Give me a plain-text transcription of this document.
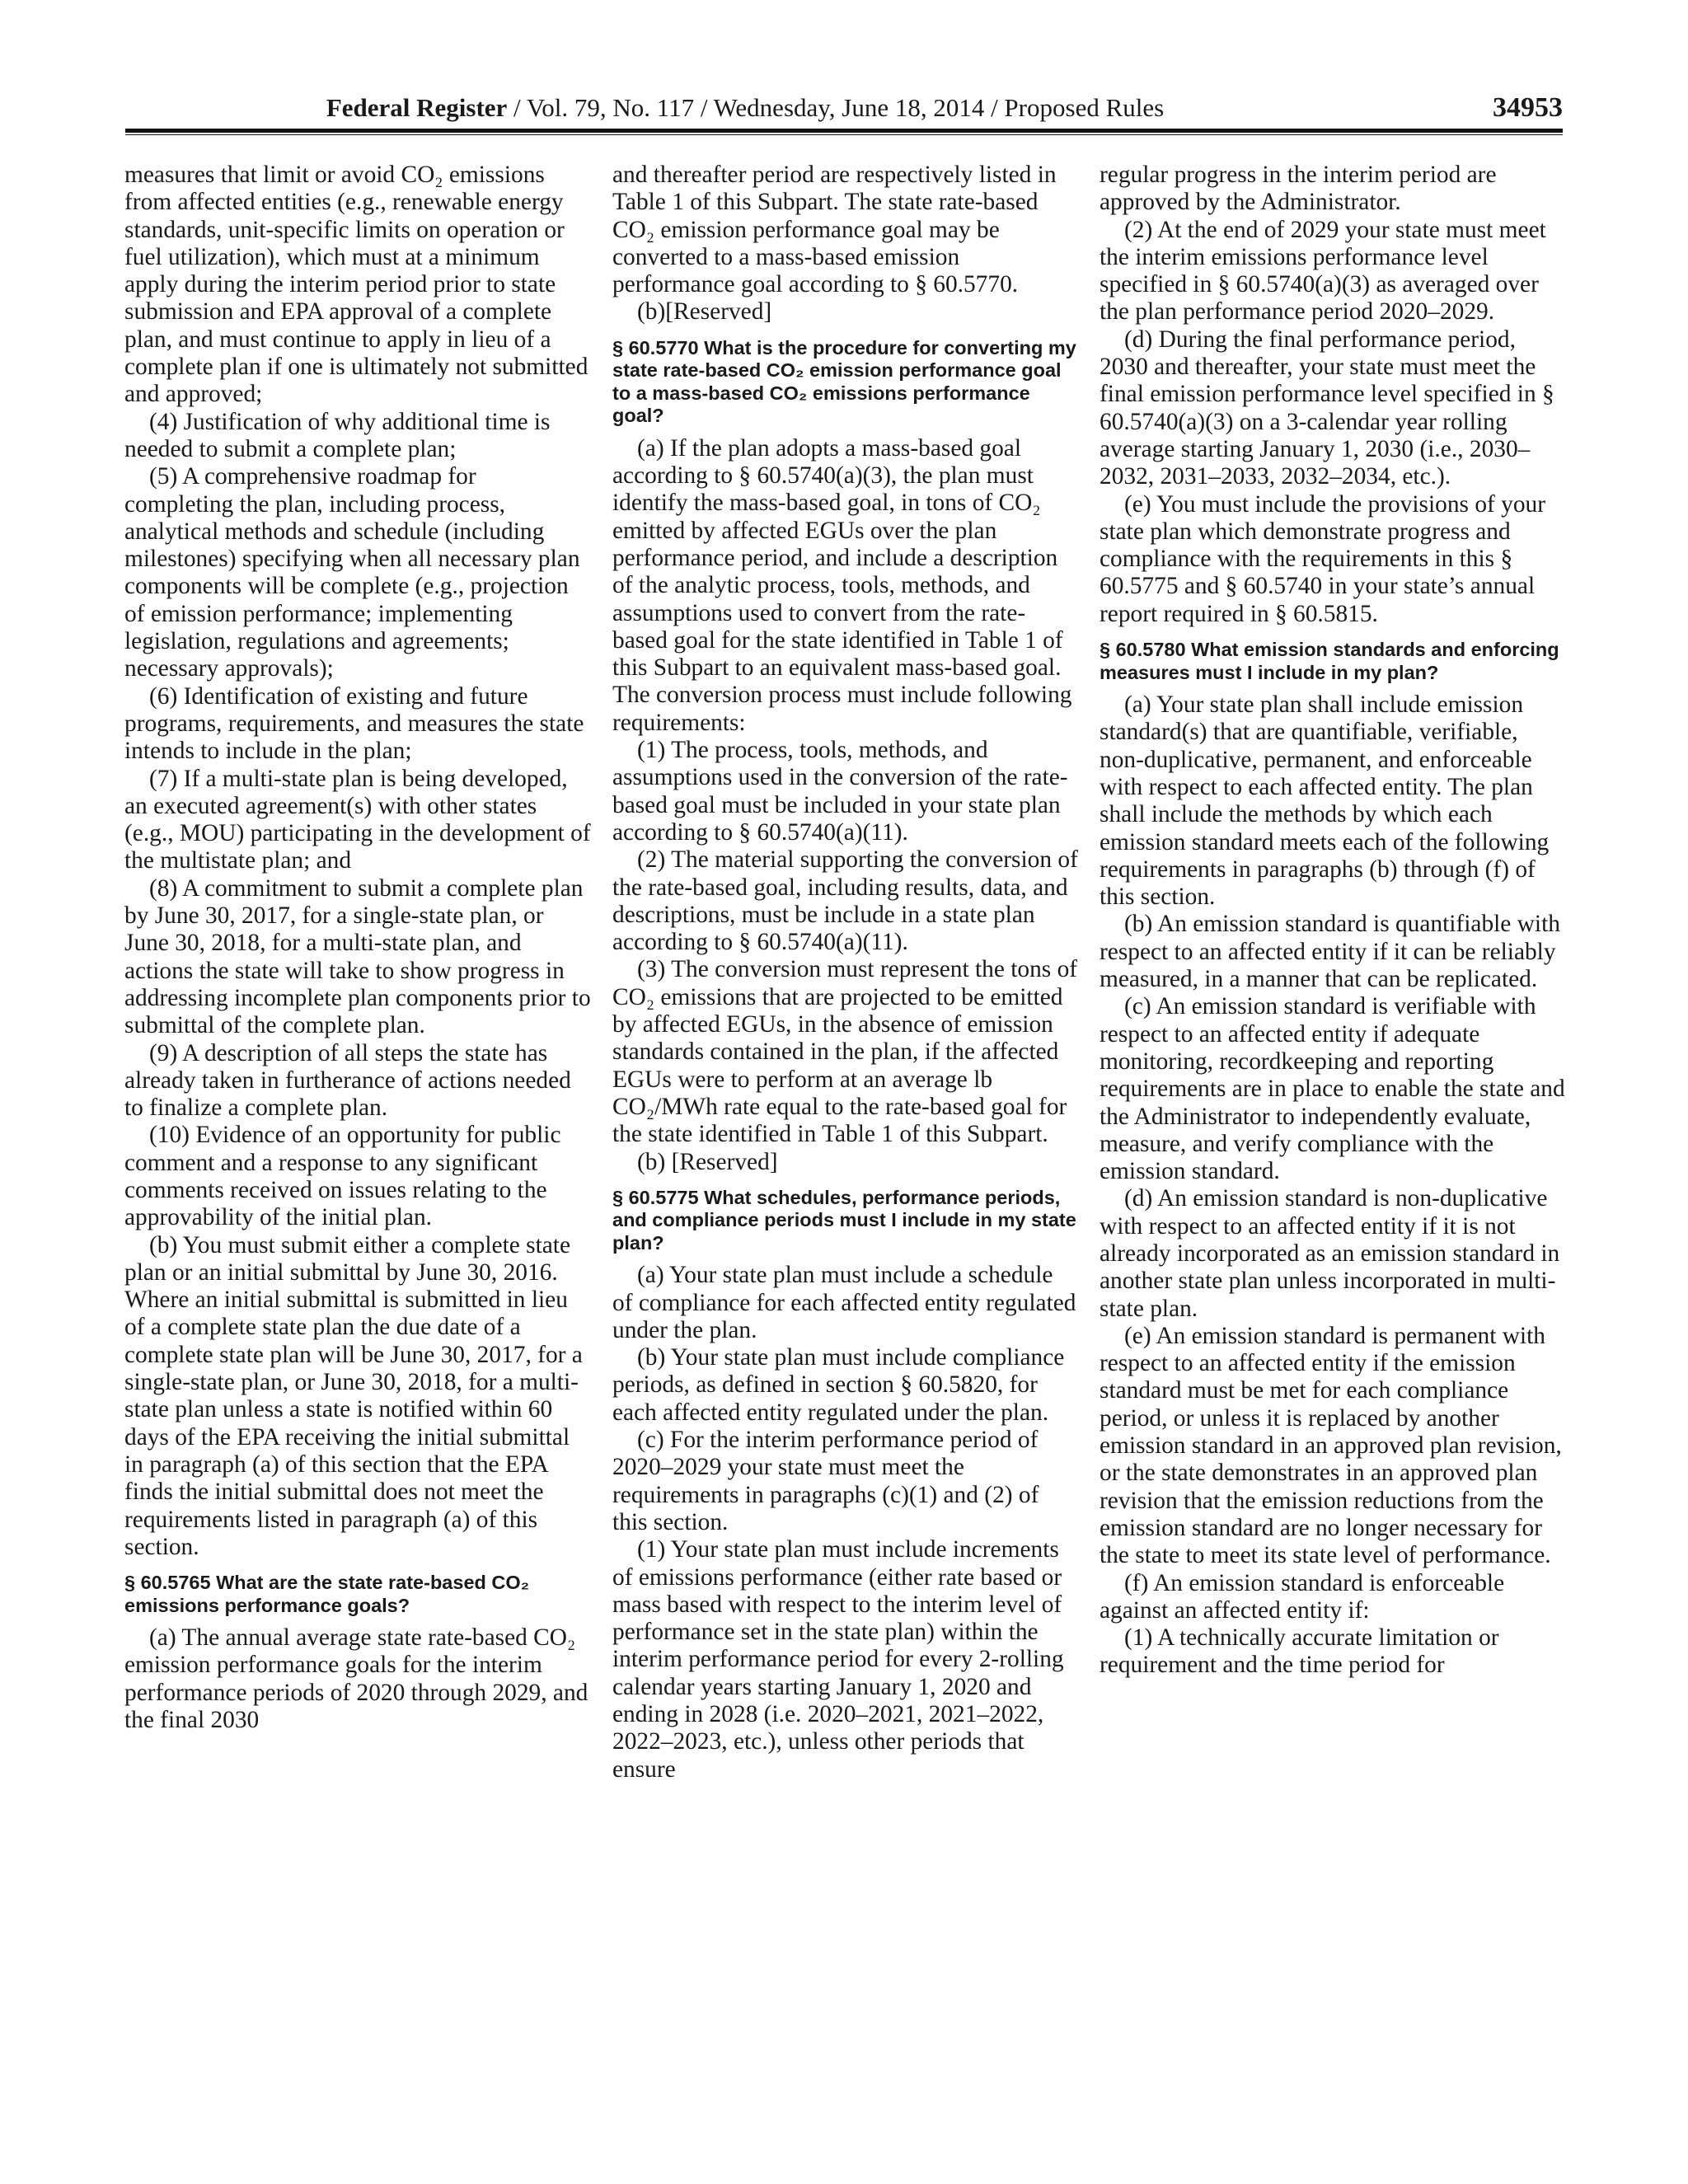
Federal Register / Vol. 79, No. 117 / Wednesday, June 18, 2014 / Proposed Rules	34953

measures that limit or avoid CO₂ emissions from affected entities (e.g., renewable energy standards, unit-specific limits on operation or fuel utilization), which must at a minimum apply during the interim period prior to state submission and EPA approval of a complete plan, and must continue to apply in lieu of a complete plan if one is ultimately not submitted and approved;

(4) Justification of why additional time is needed to submit a complete plan;

(5) A comprehensive roadmap for completing the plan, including process, analytical methods and schedule (including milestones) specifying when all necessary plan components will be complete (e.g., projection of emission performance; implementing legislation, regulations and agreements; necessary approvals);

(6) Identification of existing and future programs, requirements, and measures the state intends to include in the plan;

(7) If a multi-state plan is being developed, an executed agreement(s) with other states (e.g., MOU) participating in the development of the multistate plan; and

(8) A commitment to submit a complete plan by June 30, 2017, for a single-state plan, or June 30, 2018, for a multi-state plan, and actions the state will take to show progress in addressing incomplete plan components prior to submittal of the complete plan.

(9) A description of all steps the state has already taken in furtherance of actions needed to finalize a complete plan.

(10) Evidence of an opportunity for public comment and a response to any significant comments received on issues relating to the approvability of the initial plan.

(b) You must submit either a complete state plan or an initial submittal by June 30, 2016. Where an initial submittal is submitted in lieu of a complete state plan the due date of a complete state plan will be June 30, 2017, for a single-state plan, or June 30, 2018, for a multi-state plan unless a state is notified within 60 days of the EPA receiving the initial submittal in paragraph (a) of this section that the EPA finds the initial submittal does not meet the requirements listed in paragraph (a) of this section.

§ 60.5765 What are the state rate-based CO₂ emissions performance goals?

(a) The annual average state rate-based CO₂ emission performance goals for the interim performance periods of 2020 through 2029, and the final 2030

and thereafter period are respectively listed in Table 1 of this Subpart. The state rate-based CO₂ emission performance goal may be converted to a mass-based emission performance goal according to § 60.5770.

(b)[Reserved]

§ 60.5770 What is the procedure for converting my state rate-based CO₂ emission performance goal to a mass-based CO₂ emissions performance goal?

(a) If the plan adopts a mass-based goal according to § 60.5740(a)(3), the plan must identify the mass-based goal, in tons of CO₂ emitted by affected EGUs over the plan performance period, and include a description of the analytic process, tools, methods, and assumptions used to convert from the rate-based goal for the state identified in Table 1 of this Subpart to an equivalent mass-based goal. The conversion process must include following requirements:

(1) The process, tools, methods, and assumptions used in the conversion of the rate-based goal must be included in your state plan according to § 60.5740(a)(11).

(2) The material supporting the conversion of the rate-based goal, including results, data, and descriptions, must be include in a state plan according to § 60.5740(a)(11).

(3) The conversion must represent the tons of CO₂ emissions that are projected to be emitted by affected EGUs, in the absence of emission standards contained in the plan, if the affected EGUs were to perform at an average lb CO₂/MWh rate equal to the rate-based goal for the state identified in Table 1 of this Subpart.

(b) [Reserved]

§ 60.5775 What schedules, performance periods, and compliance periods must I include in my state plan?

(a) Your state plan must include a schedule of compliance for each affected entity regulated under the plan.

(b) Your state plan must include compliance periods, as defined in section § 60.5820, for each affected entity regulated under the plan.

(c) For the interim performance period of 2020–2029 your state must meet the requirements in paragraphs (c)(1) and (2) of this section.

(1) Your state plan must include increments of emissions performance (either rate based or mass based with respect to the interim level of performance set in the state plan) within the interim performance period for every 2-rolling calendar years starting January 1, 2020 and ending in 2028 (i.e. 2020–2021, 2021–2022, 2022–2023, etc.), unless other periods that ensure

regular progress in the interim period are approved by the Administrator.

(2) At the end of 2029 your state must meet the interim emissions performance level specified in § 60.5740(a)(3) as averaged over the plan performance period 2020–2029.

(d) During the final performance period, 2030 and thereafter, your state must meet the final emission performance level specified in § 60.5740(a)(3) on a 3-calendar year rolling average starting January 1, 2030 (i.e., 2030–2032, 2031–2033, 2032–2034, etc.).

(e) You must include the provisions of your state plan which demonstrate progress and compliance with the requirements in this § 60.5775 and § 60.5740 in your state’s annual report required in § 60.5815.

§ 60.5780 What emission standards and enforcing measures must I include in my plan?

(a) Your state plan shall include emission standard(s) that are quantifiable, verifiable, non-duplicative, permanent, and enforceable with respect to each affected entity. The plan shall include the methods by which each emission standard meets each of the following requirements in paragraphs (b) through (f) of this section.

(b) An emission standard is quantifiable with respect to an affected entity if it can be reliably measured, in a manner that can be replicated.

(c) An emission standard is verifiable with respect to an affected entity if adequate monitoring, recordkeeping and reporting requirements are in place to enable the state and the Administrator to independently evaluate, measure, and verify compliance with the emission standard.

(d) An emission standard is non-duplicative with respect to an affected entity if it is not already incorporated as an emission standard in another state plan unless incorporated in multi-state plan.

(e) An emission standard is permanent with respect to an affected entity if the emission standard must be met for each compliance period, or unless it is replaced by another emission standard in an approved plan revision, or the state demonstrates in an approved plan revision that the emission reductions from the emission standard are no longer necessary for the state to meet its state level of performance.

(f) An emission standard is enforceable against an affected entity if:

(1) A technically accurate limitation or requirement and the time period for
